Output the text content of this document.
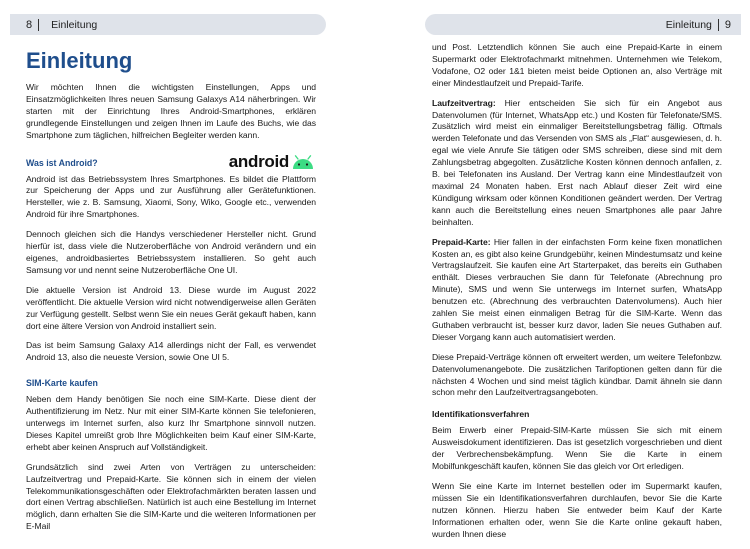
8	Einleitung
Einleitung

Wir möchten Ihnen die wichtigsten Einstellungen, Apps und Einsatzmöglichkeiten Ihres neuen Samsung Galaxys A14 näherbringen. Wir starten mit der Einrichtung Ihres Android-Smartphones, erklären grundlegende Einstellungen und zeigen Ihnen im Laufe des Buchs, wie das Smartphone zum täglichen, hilfreichen Begleiter werden kann.

Was ist Android?	android

Android ist das Betriebssystem Ihres Smartphones. Es bildet die Plattform zur Speicherung der Apps und zur Ausführung aller Gerätefunktionen. Hersteller, wie z. B. Samsung, Xiaomi, Sony, Wiko, Google etc., verwenden Android für ihre Smartphones.

Dennoch gleichen sich die Handys verschiedener Hersteller nicht. Grund hierfür ist, dass viele die Nutzeroberfläche von Android verändern und ein eigenes, androidbasiertes Betriebssystem installieren. So geht auch Samsung vor und nennt seine Nutzeroberfläche One UI.

Die aktuelle Version ist Android 13. Diese wurde im August 2022 veröffentlicht. Die aktuelle Version wird nicht notwendigerweise allen Geräten zur Verfügung gestellt. Selbst wenn Sie ein neues Gerät gekauft haben, kann dort eine ältere Version von Android installiert sein.

Das ist beim Samsung Galaxy A14 allerdings nicht der Fall, es verwendet Android 13, also die neueste Version, sowie One UI 5.

SIM-Karte kaufen

Neben dem Handy benötigen Sie noch eine SIM-Karte. Diese dient der Authentifizierung im Netz. Nur mit einer SIM-Karte können Sie telefonieren, unterwegs im Internet surfen, also kurz Ihr Smartphone sinnvoll nutzen. Dieses Kapitel umreißt grob Ihre Möglichkeiten beim Kauf einer SIM-Karte, erhebt aber keinen Anspruch auf Vollständigkeit.

Grundsätzlich sind zwei Arten von Verträgen zu unterscheiden: Laufzeitvertrag und Prepaid-Karte. Sie können sich in einem der vielen Telekommunikationsgeschäften oder Elektrofachmärkten beraten lassen und dort einen Vertrag abschließen. Natürlich ist auch eine Bestellung im Internet möglich, dann erhalten Sie die SIM-Karte und die weiteren Informationen per E-Mail

Einleitung	9

und Post. Letztendlich können Sie auch eine Prepaid-Karte in einem Supermarkt oder Elektrofachmarkt mitnehmen. Unternehmen wie Telekom, Vodafone, O2 oder 1&1 bieten meist beide Optionen an, also Verträge mit einer Mindestlaufzeit und Prepaid-Tarife.

Laufzeitvertrag: Hier entscheiden Sie sich für ein Angebot aus Datenvolumen (für Internet, WhatsApp etc.) und Kosten für Telefonate/SMS. Zusätzlich wird meist ein einmaliger Bereitstellungsbetrag fällig. Oftmals werden Telefonate und das Versenden von SMS als „Flat“ ausgewiesen, d. h. egal wie viele Anrufe Sie tätigen oder SMS schreiben, diese sind mit dem Zahlungsbetrag abgegolten. Zusätzliche Kosten können dennoch anfallen, z. B. bei Telefonaten ins Ausland. Der Vertrag kann eine Mindestlaufzeit von maximal 24 Monaten haben. Erst nach Ablauf dieser Zeit wird eine Kündigung wirksam oder können Konditionen geändert werden. Der Vertrag kann auch die Bereitstellung eines neuen Smartphones alle paar Jahre beinhalten.

Prepaid-Karte: Hier fallen in der einfachsten Form keine fixen monatlichen Kosten an, es gibt also keine Grundgebühr, keinen Mindestumsatz und keine Vertragslaufzeit. Sie kaufen eine Art Starterpaket, das bereits ein Guthaben enthält. Dieses verbrauchen Sie dann für Telefonate (Abrechnung pro Minute), SMS und wenn Sie unterwegs im Internet surfen, WhatsApp benutzen etc. (Abrechnung des verbrauchten Datenvolumens). Auch hier zahlen Sie meist einen einmaligen Betrag für die SIM-Karte. Wenn das Guthaben verbraucht ist, besser kurz davor, laden Sie neues Guthaben auf. Dieser Vorgang kann auch automatisiert werden.

Diese Prepaid-Verträge können oft erweitert werden, um weitere Telefonbzw. Datenvolumenangebote. Die zusätzlichen Tarifoptionen gelten dann für die nächsten 4 Wochen und sind meist täglich kündbar. Damit ähneln sie dann schon mehr den Laufzeitvertragsangeboten.

Identifikationsverfahren

Beim Erwerb einer Prepaid-SIM-Karte müssen Sie sich mit einem Ausweisdokument identifizieren. Das ist gesetzlich vorgeschrieben und dient der Verbrechensbekämpfung. Wenn Sie die Karte in einem Mobilfunkgeschäft kaufen, können Sie das gleich vor Ort erledigen.

Wenn Sie eine Karte im Internet bestellen oder im Supermarkt kaufen, müssen Sie ein Identifikationsverfahren durchlaufen, bevor Sie die Karte nutzen können. Hierzu haben Sie entweder beim Kauf der Karte Informationen erhalten oder, wenn Sie die Karte online gekauft haben, wurden Ihnen diese
